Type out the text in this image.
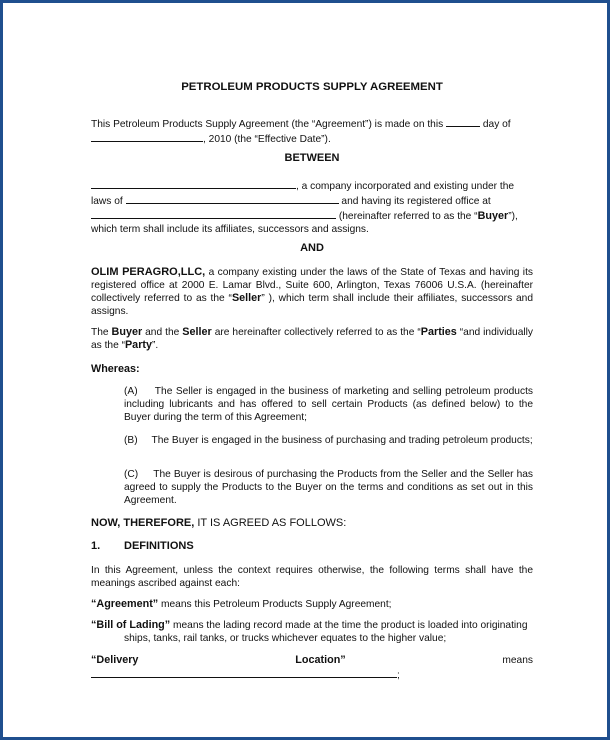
PETROLEUM PRODUCTS SUPPLY AGREEMENT
This Petroleum Products Supply Agreement (the “Agreement”) is made on this	day of
, 2010 (the “Effective Date”).
BETWEEN
, a company incorporated and existing under the
laws of	and having its registered office at
(hereinafter referred to as the “Buyer”),
which term shall include its affiliates, successors and assigns.
AND
OLIM PERAGRO,LLC, a company existing under the laws of the State of Texas and having its registered office at 2000 E. Lamar Blvd., Suite 600, Arlington, Texas 76006 U.S.A. (hereinafter collectively referred to as the “Seller” ), which term shall include their affiliates, successors and assigns.
The Buyer and the Seller are hereinafter collectively referred to as the “Parties “and individually as the “Party”.
Whereas:
(A)     The Seller is engaged in the business of marketing and selling petroleum products including lubricants and has offered to sell certain Products (as defined below) to the Buyer during the term of this Agreement;
(B)     The Buyer is engaged in the business of purchasing and trading petroleum products;
(C)     The Buyer is desirous of purchasing the Products from the Seller and the Seller has agreed to supply the Products to the Buyer on the terms and conditions as set out in this Agreement.
NOW, THEREFORE, IT IS AGREED AS FOLLOWS:
1. DEFINITIONS
In this Agreement, unless the context requires otherwise, the following terms shall have the meanings ascribed against each:
“Agreement” means this Petroleum Products Supply Agreement;
“Bill of Lading” means the lading record made at the time the product is loaded into originating
ships, tanks, rail tanks, or trucks whichever equates to the higher value;
“Delivery Location” means ;
